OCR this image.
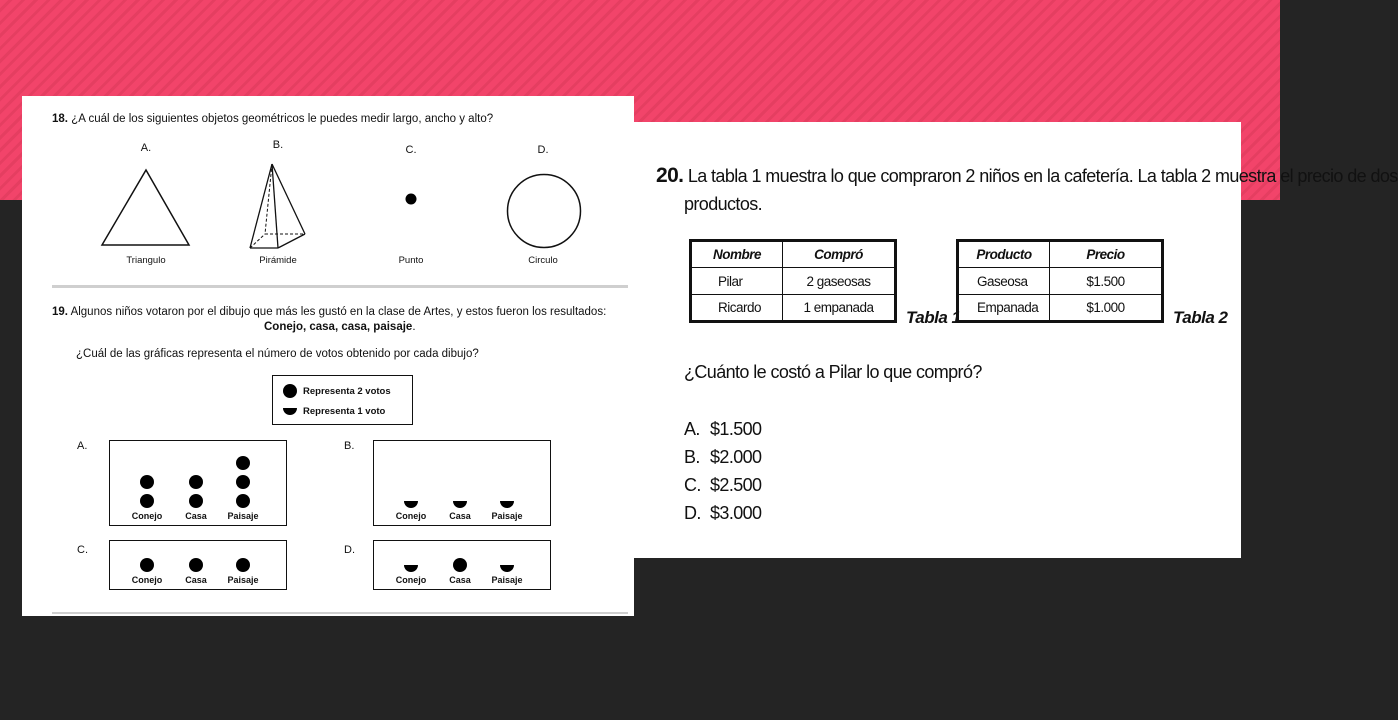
18. ¿A cuál de los siguientes objetos geométricos le puedes medir largo, ancho y alto?
A.	B.	C.	D.
Triangulo	Pirámide	Punto	Circulo
19. Algunos niños votaron por el dibujo que más les gustó en la clase de Artes, y estos fueron los resultados:
Conejo, casa, casa, paisaje.
¿Cuál de las gráficas representa el número de votos obtenido por cada dibujo?
Representa 2 votos
Representa 1 voto
A.	B.
C.	D.
Conejo	Casa Paisaje	Conejo	Casa Paisaje
Conejo	Casa Paisaje	Conejo	Casa Paisaje
20. La tabla 1 muestra lo que compraron 2 niños en la cafetería. La tabla 2 muestra el precio de dos
productos.
Nombre	Compró
Pilar	2 gaseosas
Ricardo	1 empanada
Tabla 1
Producto	Precio
Gaseosa	$1.500
Empanada	$1.000
Tabla 2
¿Cuánto le costó a Pilar lo que compró?
A. $1.500
B. $2.000
C. $2.500
D. $3.000
